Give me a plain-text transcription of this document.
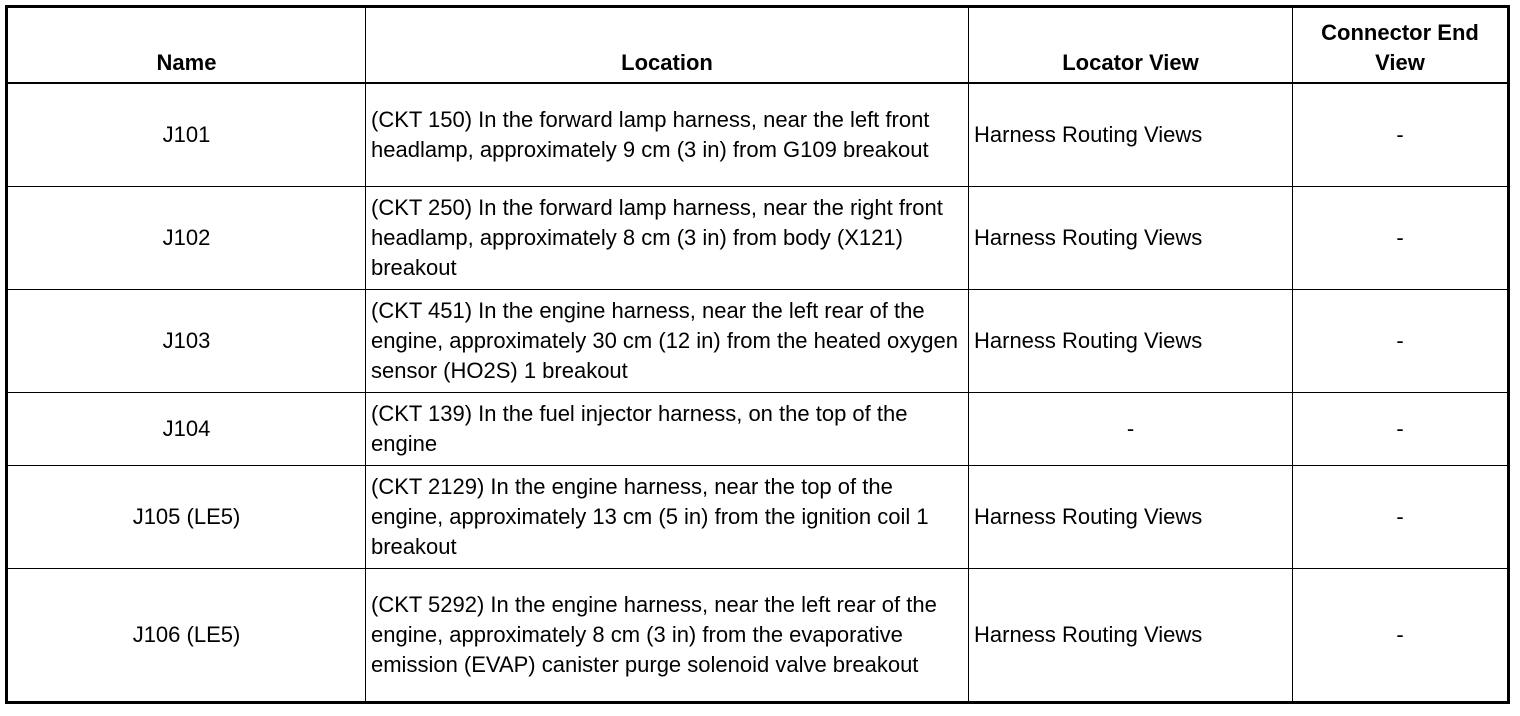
Name	Location	Locator View	Connector End View
J101	(CKT 150) In the forward lamp harness, near the left front headlamp, approximately 9 cm (3 in) from G109 breakout	Harness Routing Views	-
J102	(CKT 250) In the forward lamp harness, near the right front headlamp, approximately 8 cm (3 in) from body (X121) breakout	Harness Routing Views	-
J103	(CKT 451) In the engine harness, near the left rear of the engine, approximately 30 cm (12 in) from the heated oxygen sensor (HO2S) 1 breakout	Harness Routing Views	-
J104	(CKT 139) In the fuel injector harness, on the top of the engine	-	-
J105 (LE5)	(CKT 2129) In the engine harness, near the top of the engine, approximately 13 cm (5 in) from the ignition coil 1 breakout	Harness Routing Views	-
J106 (LE5)	(CKT 5292) In the engine harness, near the left rear of the engine, approximately 8 cm (3 in) from the evaporative emission (EVAP) canister purge solenoid valve breakout	Harness Routing Views	-
